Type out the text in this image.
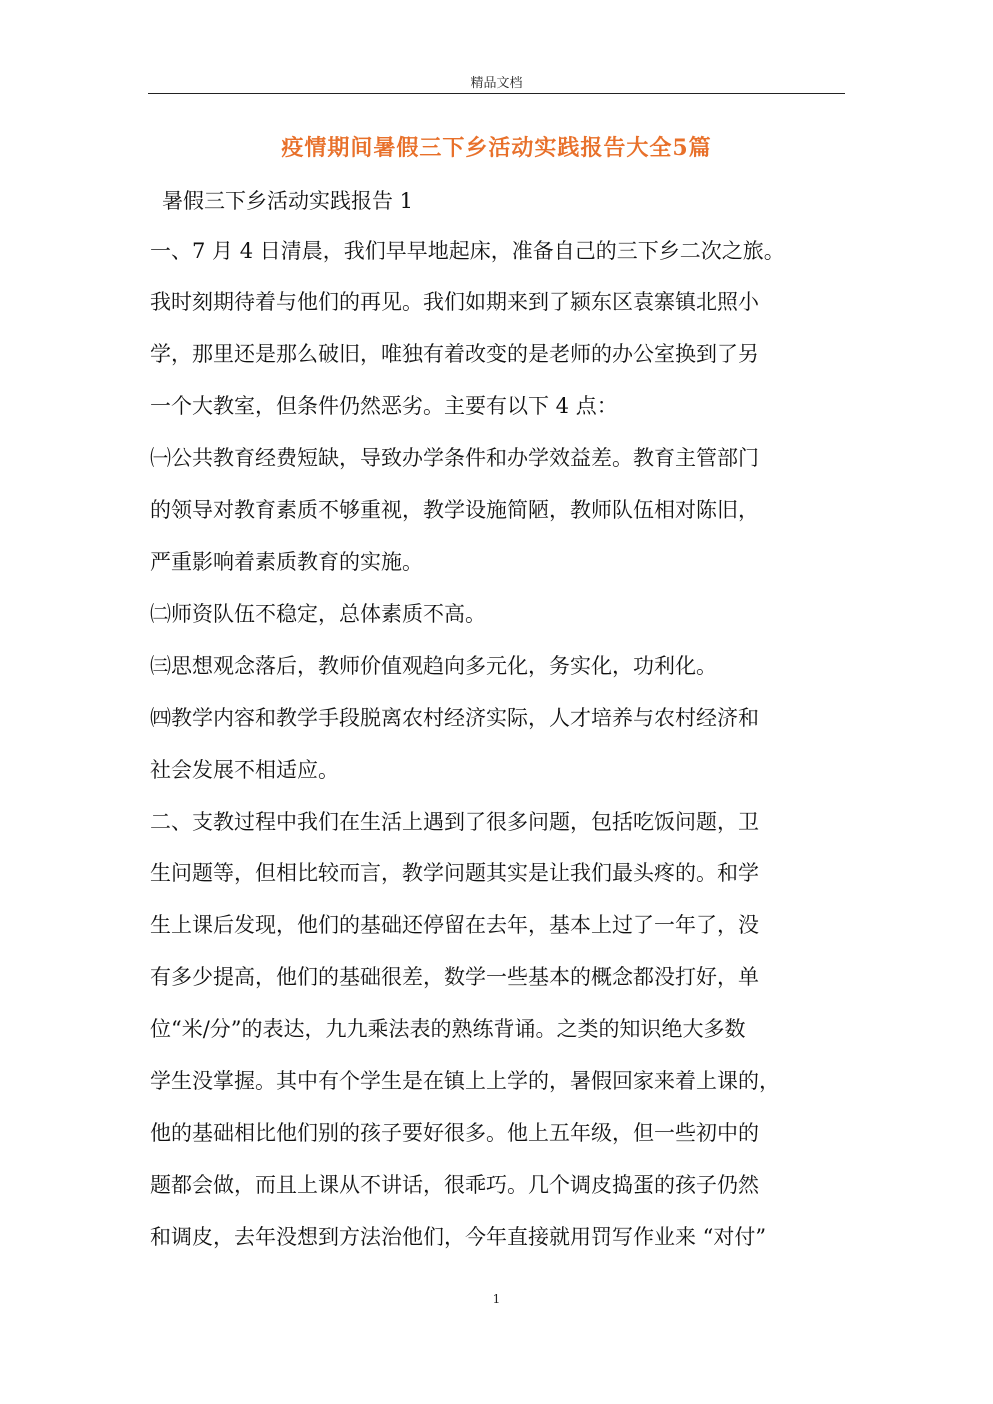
精品文档
疫情期间暑假三下乡活动实践报告大全5篇
暑假三下乡活动实践报告 1
一、7 月 4 日清晨，我们早早地起床，准备自己的三下乡二次之旅。
我时刻期待着与他们的再见。我们如期来到了颍东区袁寨镇北照小
学，那里还是那么破旧，唯独有着改变的是老师的办公室换到了另
一个大教室，但条件仍然恶劣。主要有以下 4 点：
㈠公共教育经费短缺，导致办学条件和办学效益差。教育主管部门
的领导对教育素质不够重视，教学设施简陋，教师队伍相对陈旧，
严重影响着素质教育的实施。
㈡师资队伍不稳定，总体素质不高。
㈢思想观念落后，教师价值观趋向多元化，务实化，功利化。
㈣教学内容和教学手段脱离农村经济实际，人才培养与农村经济和
社会发展不相适应。
二、支教过程中我们在生活上遇到了很多问题，包括吃饭问题，卫
生问题等，但相比较而言，教学问题其实是让我们最头疼的。和学
生上课后发现，他们的基础还停留在去年，基本上过了一年了，没
有多少提高，他们的基础很差，数学一些基本的概念都没打好，单
位“米/分”的表达，九九乘法表的熟练背诵。之类的知识绝大多数
学生没掌握。其中有个学生是在镇上上学的，暑假回家来着上课的，
他的基础相比他们别的孩子要好很多。他上五年级，但一些初中的
题都会做，而且上课从不讲话，很乖巧。几个调皮捣蛋的孩子仍然
和调皮，去年没想到方法治他们，今年直接就用罚写作业来 “对付”
1
